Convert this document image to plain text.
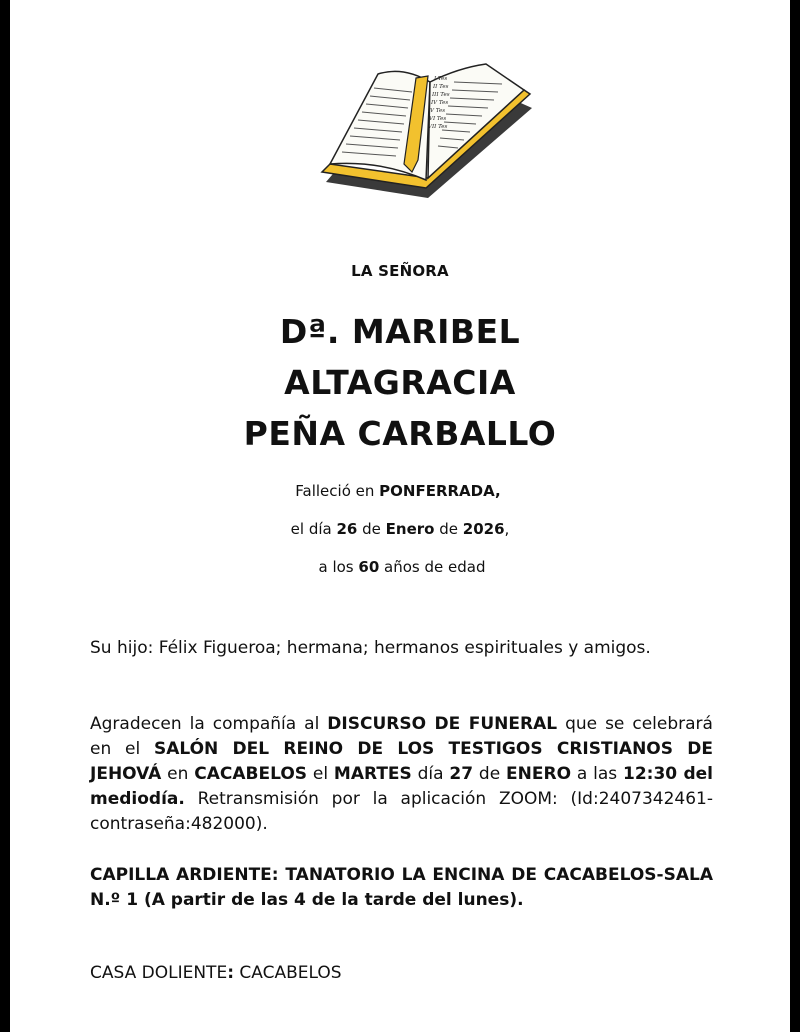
I Tes
II Tes
III Tes
IV Tes
V Tes
VI Tes
VII Tes
LA SEÑORA
Dª. MARIBEL
ALTAGRACIA
PEÑA CARBALLO
Falleció en PONFERRADA,
el día 26 de Enero de 2026,
a los 60 años de edad
Su hijo: Félix Figueroa; hermana; hermanos espirituales y amigos.
Agradecen la compañía al DISCURSO DE FUNERAL que se celebrará en el SALÓN DEL REINO DE LOS TESTIGOS CRISTIANOS DE JEHOVÁ en CACABELOS el MARTES día 27 de ENERO a las 12:30 del mediodía. Retransmisión por la aplicación ZOOM: (Id:2407342461- contraseña:482000).
CAPILLA ARDIENTE: TANATORIO LA ENCINA DE CACABELOS-SALA N.º 1 (A partir de las 4 de la tarde del lunes).
CASA DOLIENTE: CACABELOS
